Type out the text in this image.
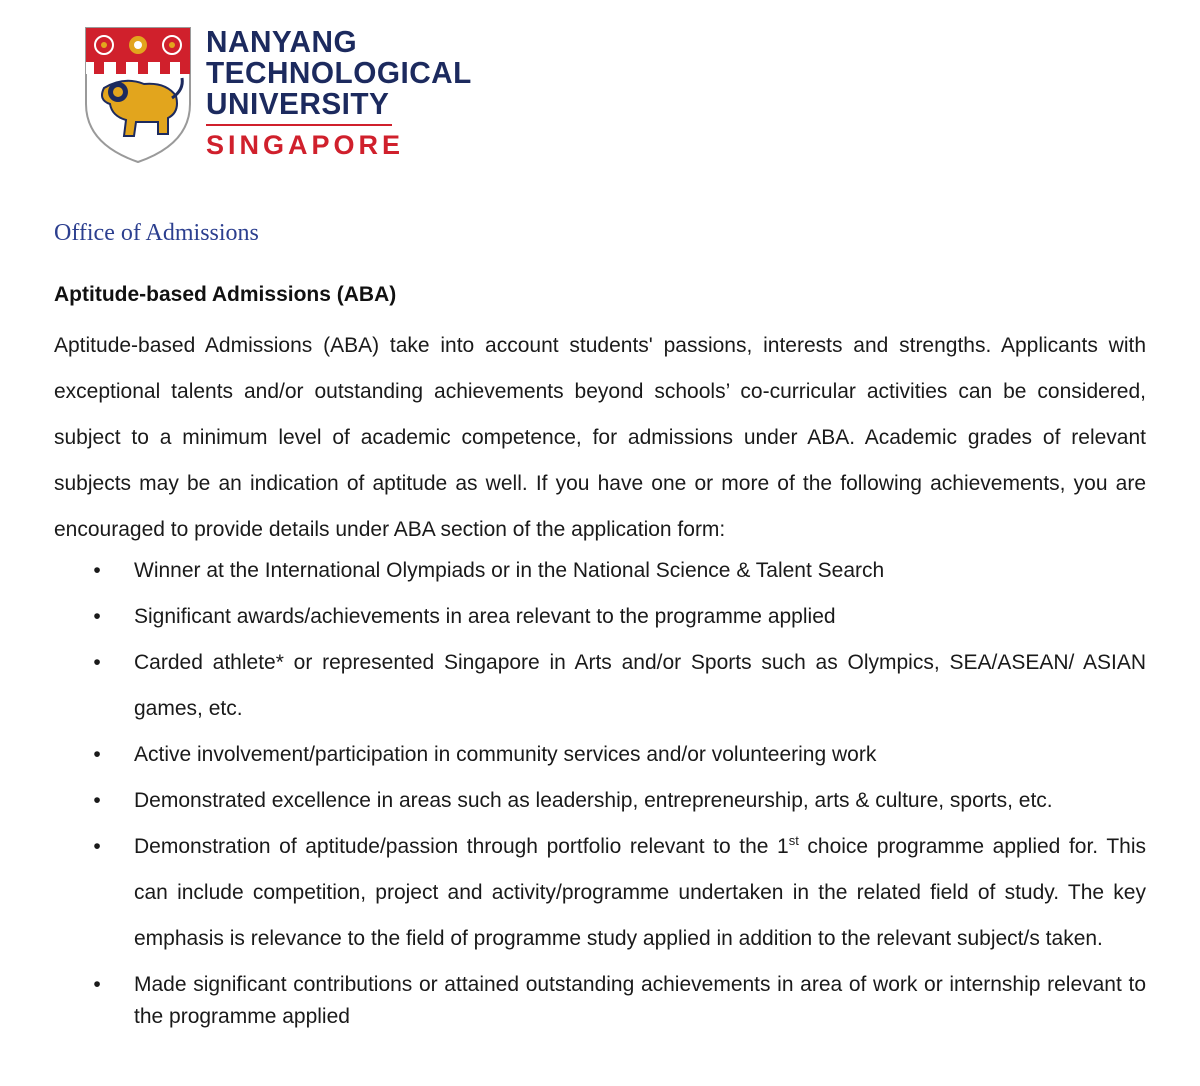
NANYANG
TECHNOLOGICAL
UNIVERSITY
SINGAPORE
Office of Admissions
Aptitude-based Admissions (ABA)

Aptitude-based Admissions (ABA) take into account students' passions, interests and strengths. Applicants with exceptional talents and/or outstanding achievements beyond schools’ co-curricular activities can be considered, subject to a minimum level of academic competence, for admissions under ABA. Academic grades of relevant subjects may be an indication of aptitude as well. If you have one or more of the following achievements, you are encouraged to provide details under ABA section of the application form:

• Winner at the International Olympiads or in the National Science & Talent Search
• Significant awards/achievements in area relevant to the programme applied
• Carded athlete* or represented Singapore in Arts and/or Sports such as Olympics, SEA/ASEAN/ ASIAN games, etc.
• Active involvement/participation in community services and/or volunteering work
• Demonstrated excellence in areas such as leadership, entrepreneurship, arts & culture, sports, etc.
• Demonstration of aptitude/passion through portfolio relevant to the 1st choice programme applied for. This can include competition, project and activity/programme undertaken in the related field of study. The key emphasis is relevance to the field of programme study applied in addition to the relevant subject/s taken.
• Made significant contributions or attained outstanding achievements in area of work or internship relevant to the programme applied
